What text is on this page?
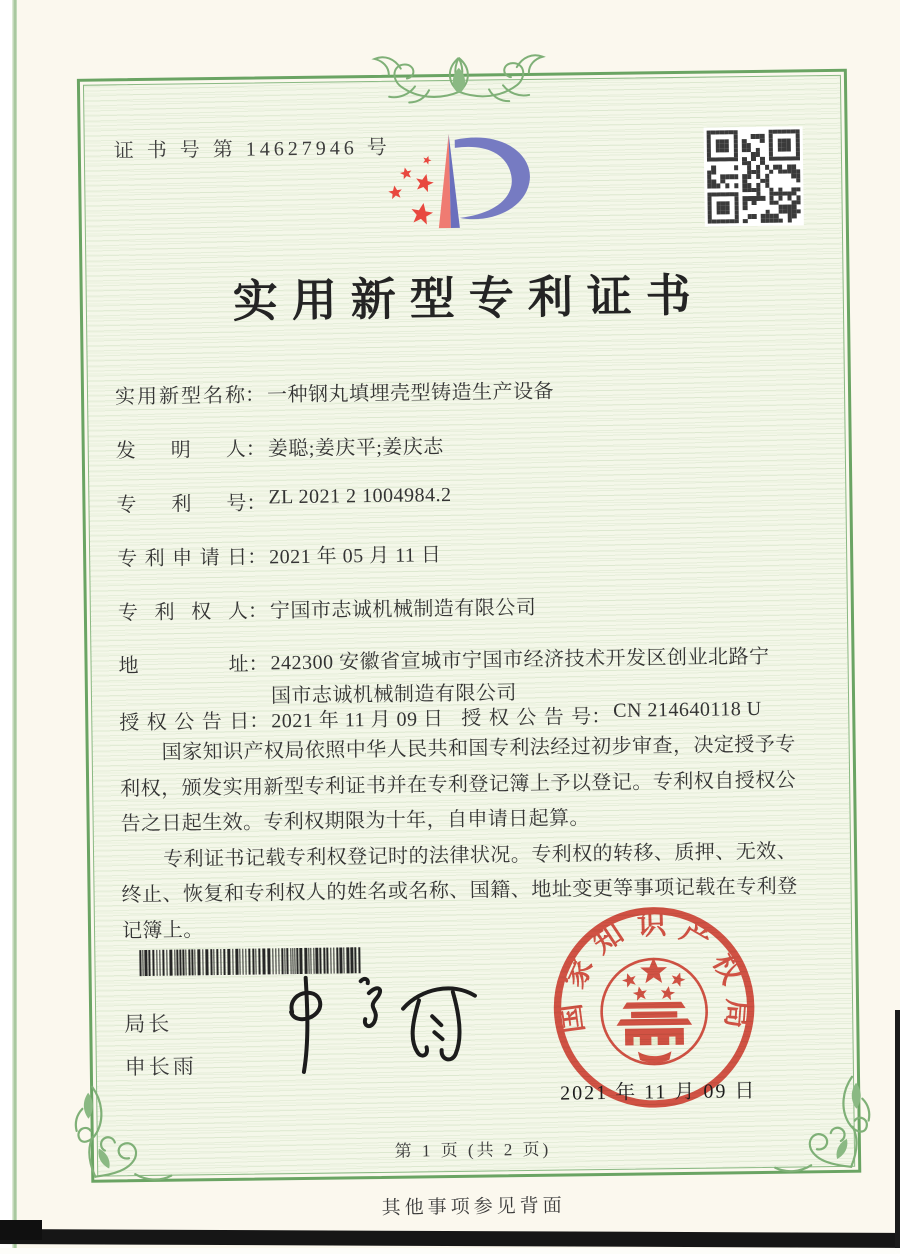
证 书 号 第 14627946 号
实用新型专利证书
实用新型名称：一种钢丸填埋壳型铸造生产设备
发明人：姜聪;姜庆平;姜庆志
专利号：ZL 2021 2 1004984.2
专利申请日：2021 年 05 月 11 日
专利权人：宁国市志诚机械制造有限公司
地址：242300 安徽省宣城市宁国市经济技术开发区创业北路宁国市志诚机械制造有限公司
授权公告日：2021 年 11 月 09 日 授权公告号：CN 214640118 U

国家知识产权局依照中华人民共和国专利法经过初步审查，决定授予专利权，颁发实用新型专利证书并在专利登记簿上予以登记。专利权自授权公告之日起生效。专利权期限为十年，自申请日起算。

专利证书记载专利权登记时的法律状况。专利权的转移、质押、无效、终止、恢复和专利权人的姓名或名称、国籍、地址变更等事项记载在专利登记簿上。

局长
申长雨
国家知识产权局
2021 年 11 月 09 日
第 1 页 (共 2 页)
其他事项参见背面
